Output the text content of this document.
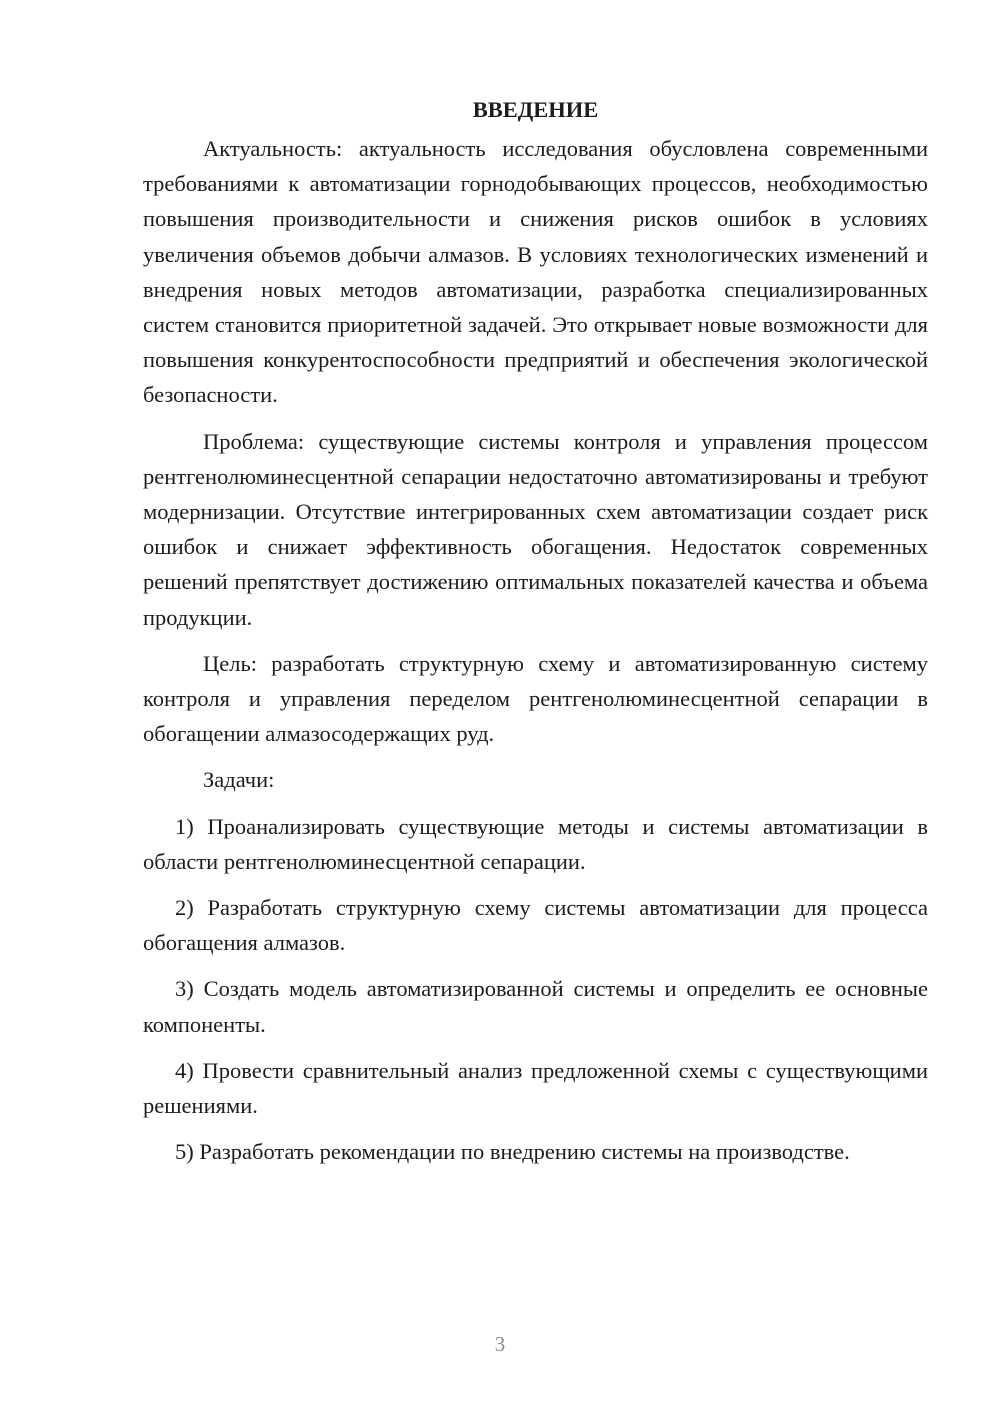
ВВЕДЕНИЕ

Актуальность: актуальность исследования обусловлена современными требованиями к автоматизации горнодобывающих процессов, необходимостью повышения производительности и снижения рисков ошибок в условиях увеличения объемов добычи алмазов. В условиях технологических изменений и внедрения новых методов автоматизации, разработка специализированных систем становится приоритетной задачей. Это открывает новые возможности для повышения конкурентоспособности предприятий и обеспечения экологической безопасности.

Проблема: существующие системы контроля и управления процессом рентгенолюминесцентной сепарации недостаточно автоматизированы и требуют модернизации. Отсутствие интегрированных схем автоматизации создает риск ошибок и снижает эффективность обогащения. Недостаток современных решений препятствует достижению оптимальных показателей качества и объема продукции.

Цель: разработать структурную схему и автоматизированную систему контроля и управления переделом рентгенолюминесцентной сепарации в обогащении алмазосодержащих руд.

Задачи:

1) Проанализировать существующие методы и системы автоматизации в области рентгенолюминесцентной сепарации.

2) Разработать структурную схему системы автоматизации для процесса обогащения алмазов.

3) Создать модель автоматизированной системы и определить ее основные компоненты.

4) Провести сравнительный анализ предложенной схемы с существующими решениями.

5) Разработать рекомендации по внедрению системы на производстве.

3
